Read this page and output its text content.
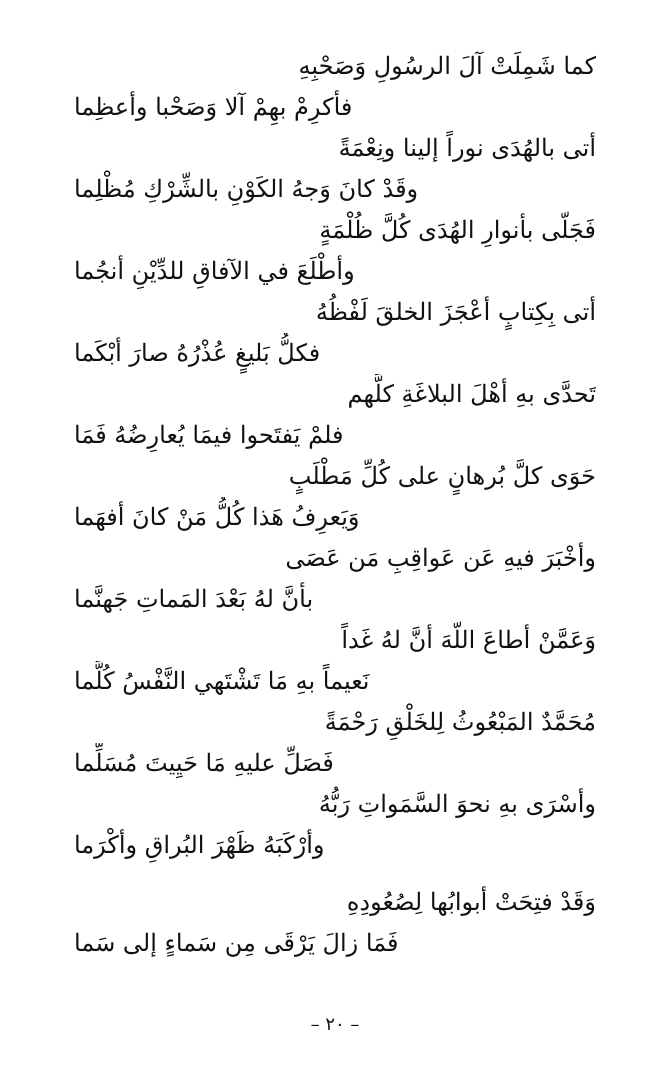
كما شَمِلَتْ آلَ الرسُولِ وَصَحْبِهِ
فأكرِمْ بهِمْ آلا وَصَحْبا وأعظِما
أتى بالهُدَى نوراً إلينا ونِعْمَةً
وقَدْ كانَ وَجهُ الكَوْنِ بالشِّرْكِ مُظْلِما
فَجَلّى بأنوارِ الهُدَى كُلَّ ظُلْمَةٍ
وأطْلَعَ في الآفاقِ للدِّيْنِ أنجُما
أتى بِكِتابٍ أعْجَزَ الخلقَ لَفْظُهُ
فكلُّ بَليغٍ عُذْرُهُ صارَ أبْكَما
تَحدَّى بهِ أهْلَ البلاغَةِ كلَّهم
فلمْ يَفتَحوا فيمَا يُعارِضُهُ فَمَا
حَوَى كلَّ بُرهانٍ على كُلِّ مَطْلَبٍ
وَيَعرِفُ هَذا كُلُّ مَنْ كانَ أفهَما
وأخْبَرَ فيهِ عَن عَواقِبِ مَن عَصَى
بأنَّ لهُ بَعْدَ المَماتِ جَهنَّما
وَعَمَّنْ أطاعَ اللّهَ أنَّ لهُ غَداً
نَعيماً بهِ مَا تَشْتَهي النَّفْسُ كُلَّما
مُحَمَّدٌ المَبْعُوثُ لِلخَلْقِ رَحْمَةً
فَصَلِّ عليهِ مَا حَيِيتَ مُسَلِّما
وأسْرَى بهِ نحوَ السَّمَواتِ رَبُّهُ
وأرْكَبَهُ ظَهْرَ البُراقِ وأكْرَما
وَقَدْ فتِحَتْ أبوابُها لِصُعُودِهِ
فَمَا زالَ يَرْقَى مِن سَماءٍ إلى سَما
– ٢٠ –
